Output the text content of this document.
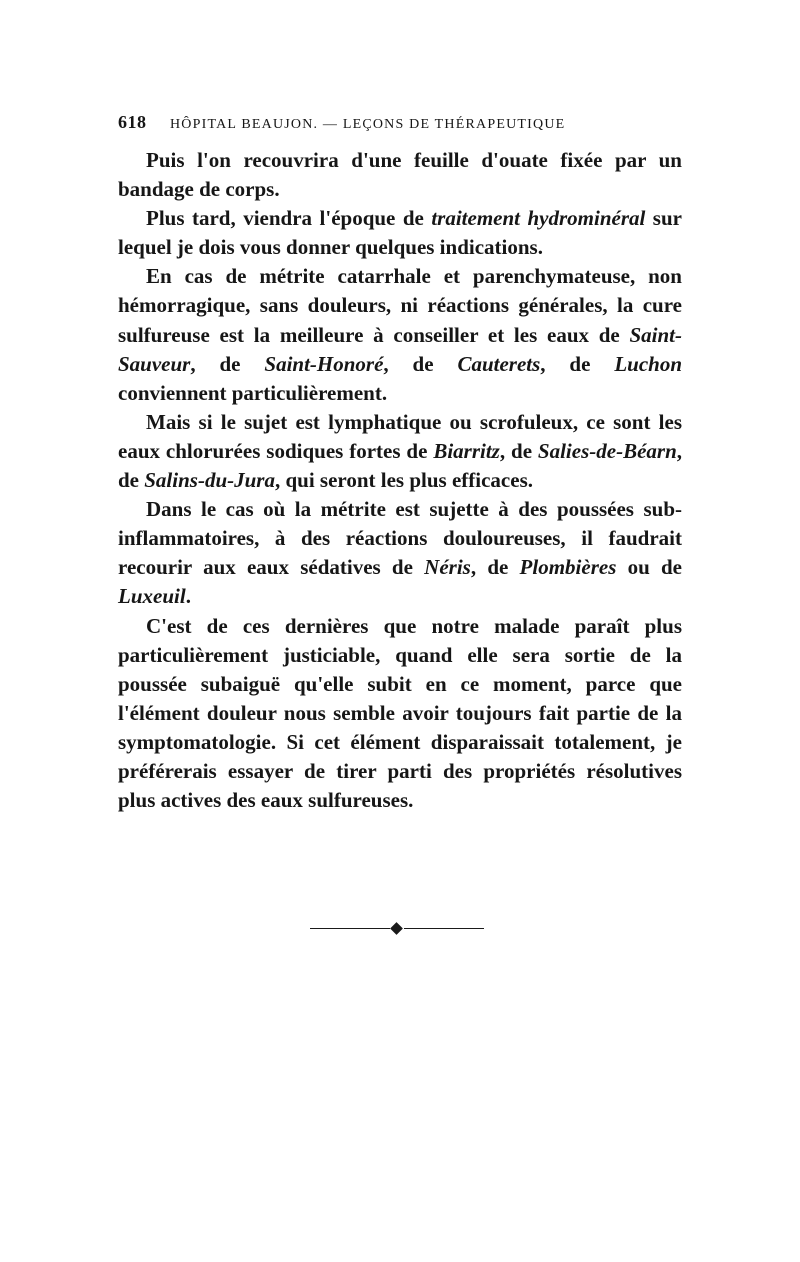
618	HÔPITAL BEAUJON. — LEÇONS DE THÉRAPEUTIQUE

Puis l'on recouvrira d'une feuille d'ouate fixée par un bandage de corps.

Plus tard, viendra l'époque de traitement hydrominéral sur lequel je dois vous donner quelques indications.

En cas de métrite catarrhale et parenchymateuse, non hémorragique, sans douleurs, ni réactions générales, la cure sulfureuse est la meilleure à conseiller et les eaux de Saint-Sauveur, de Saint-Honoré, de Cauterets, de Luchon conviennent particulièrement.

Mais si le sujet est lymphatique ou scrofuleux, ce sont les eaux chlorurées sodiques fortes de Biarritz, de Salies-de-Béarn, de Salins-du-Jura, qui seront les plus efficaces.

Dans le cas où la métrite est sujette à des poussées sub-inflammatoires, à des réactions douloureuses, il faudrait recourir aux eaux sédatives de Néris, de Plombières ou de Luxeuil.

C'est de ces dernières que notre malade paraît plus particulièrement justiciable, quand elle sera sortie de la poussée subaiguë qu'elle subit en ce moment, parce que l'élément douleur nous semble avoir toujours fait partie de la symptomatologie. Si cet élément disparaissait totalement, je préférerais essayer de tirer parti des propriétés résolutives plus actives des eaux sulfureuses.
